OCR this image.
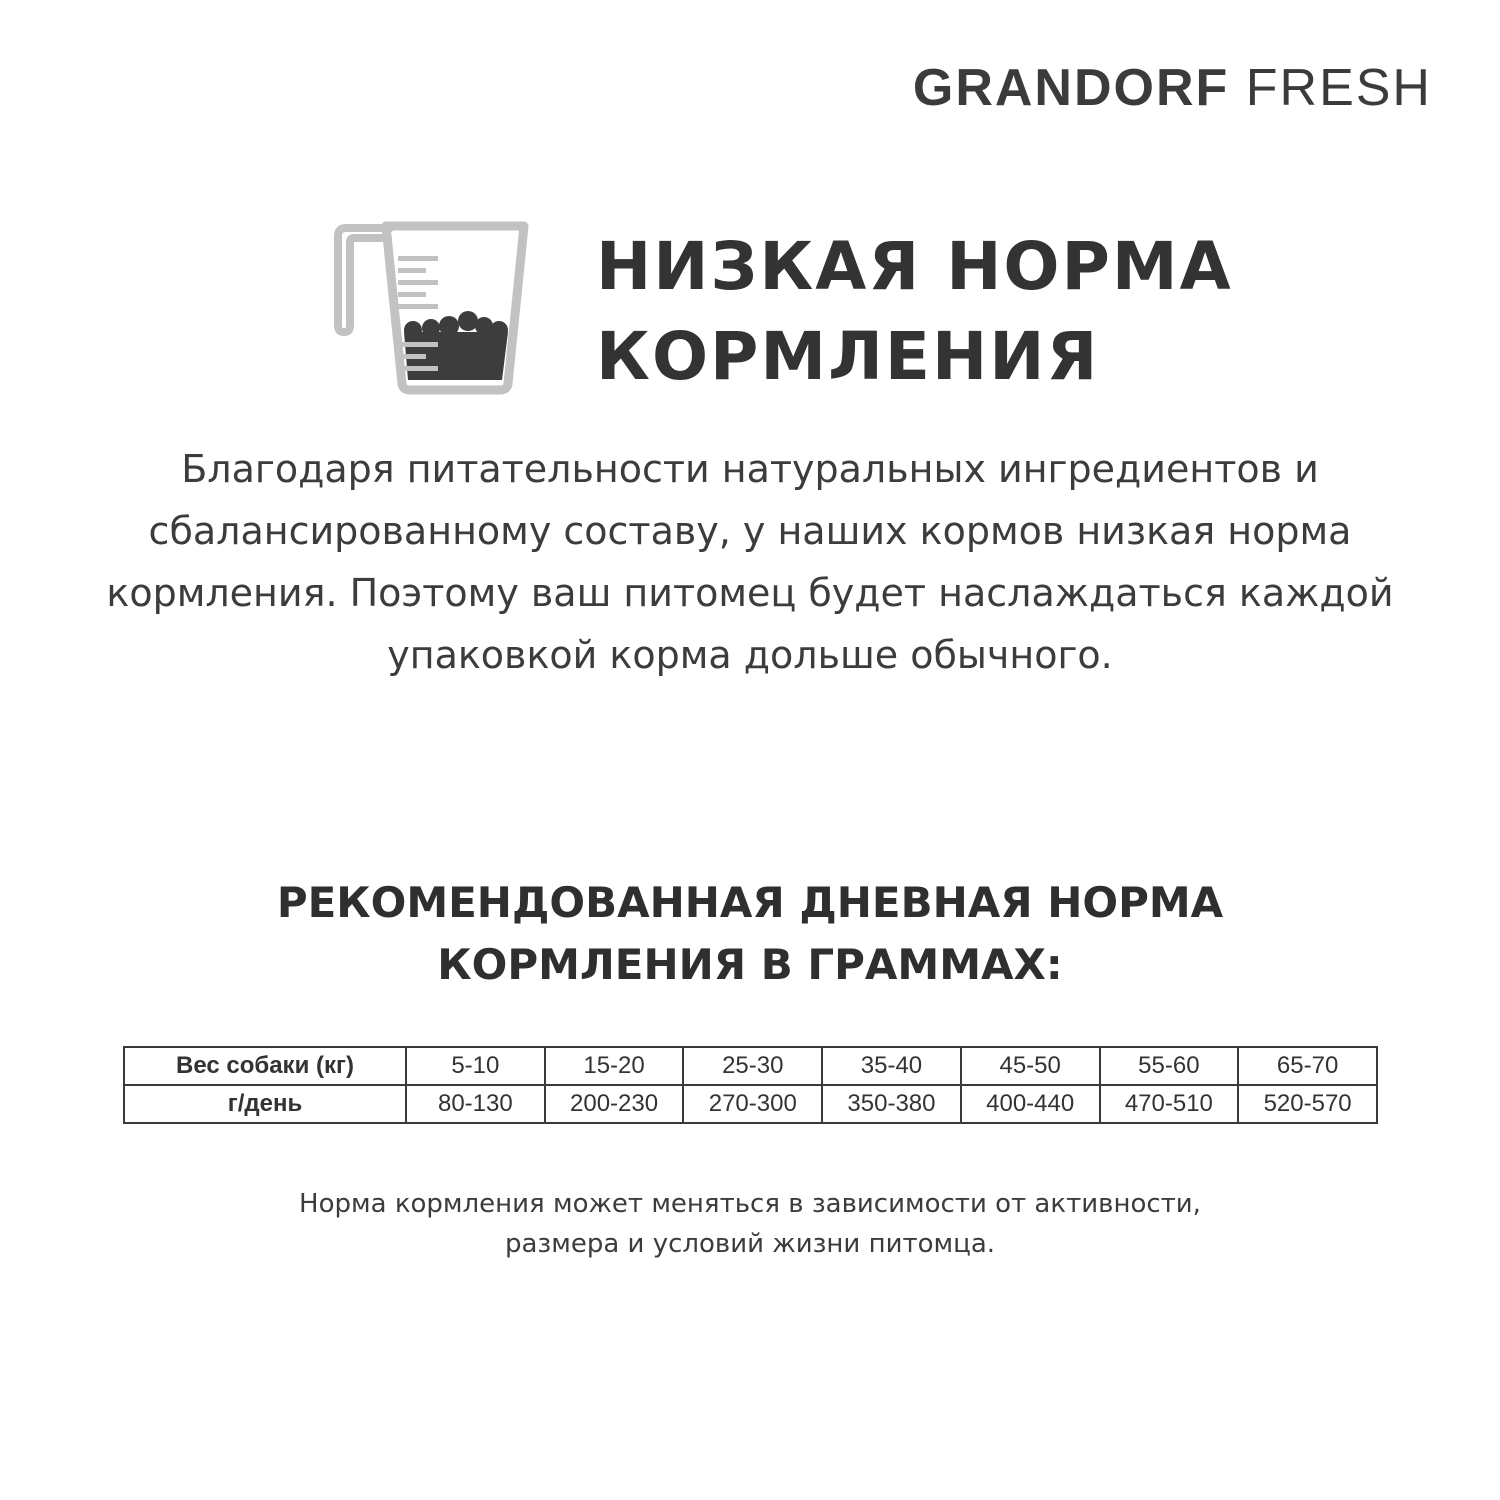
GRANDORF FRESH
НИЗКАЯ НОРМА
КОРМЛЕНИЯ

Благодаря питательности натуральных ингредиентов и сбалансированному составу, у наших кормов низкая норма кормления. Поэтому ваш питомец будет наслаждаться каждой упаковкой корма дольше обычного.

РЕКОМЕНДОВАННАЯ ДНЕВНАЯ НОРМА
КОРМЛЕНИЯ В ГРАММАХ:
Вес собаки (кг)	5-10	15-20	25-30	35-40	45-50	55-60	65-70
г/день	80-130	200-230	270-300	350-380	400-440	470-510	520-570

Норма кормления может меняться в зависимости от активности,
размера и условий жизни питомца.
